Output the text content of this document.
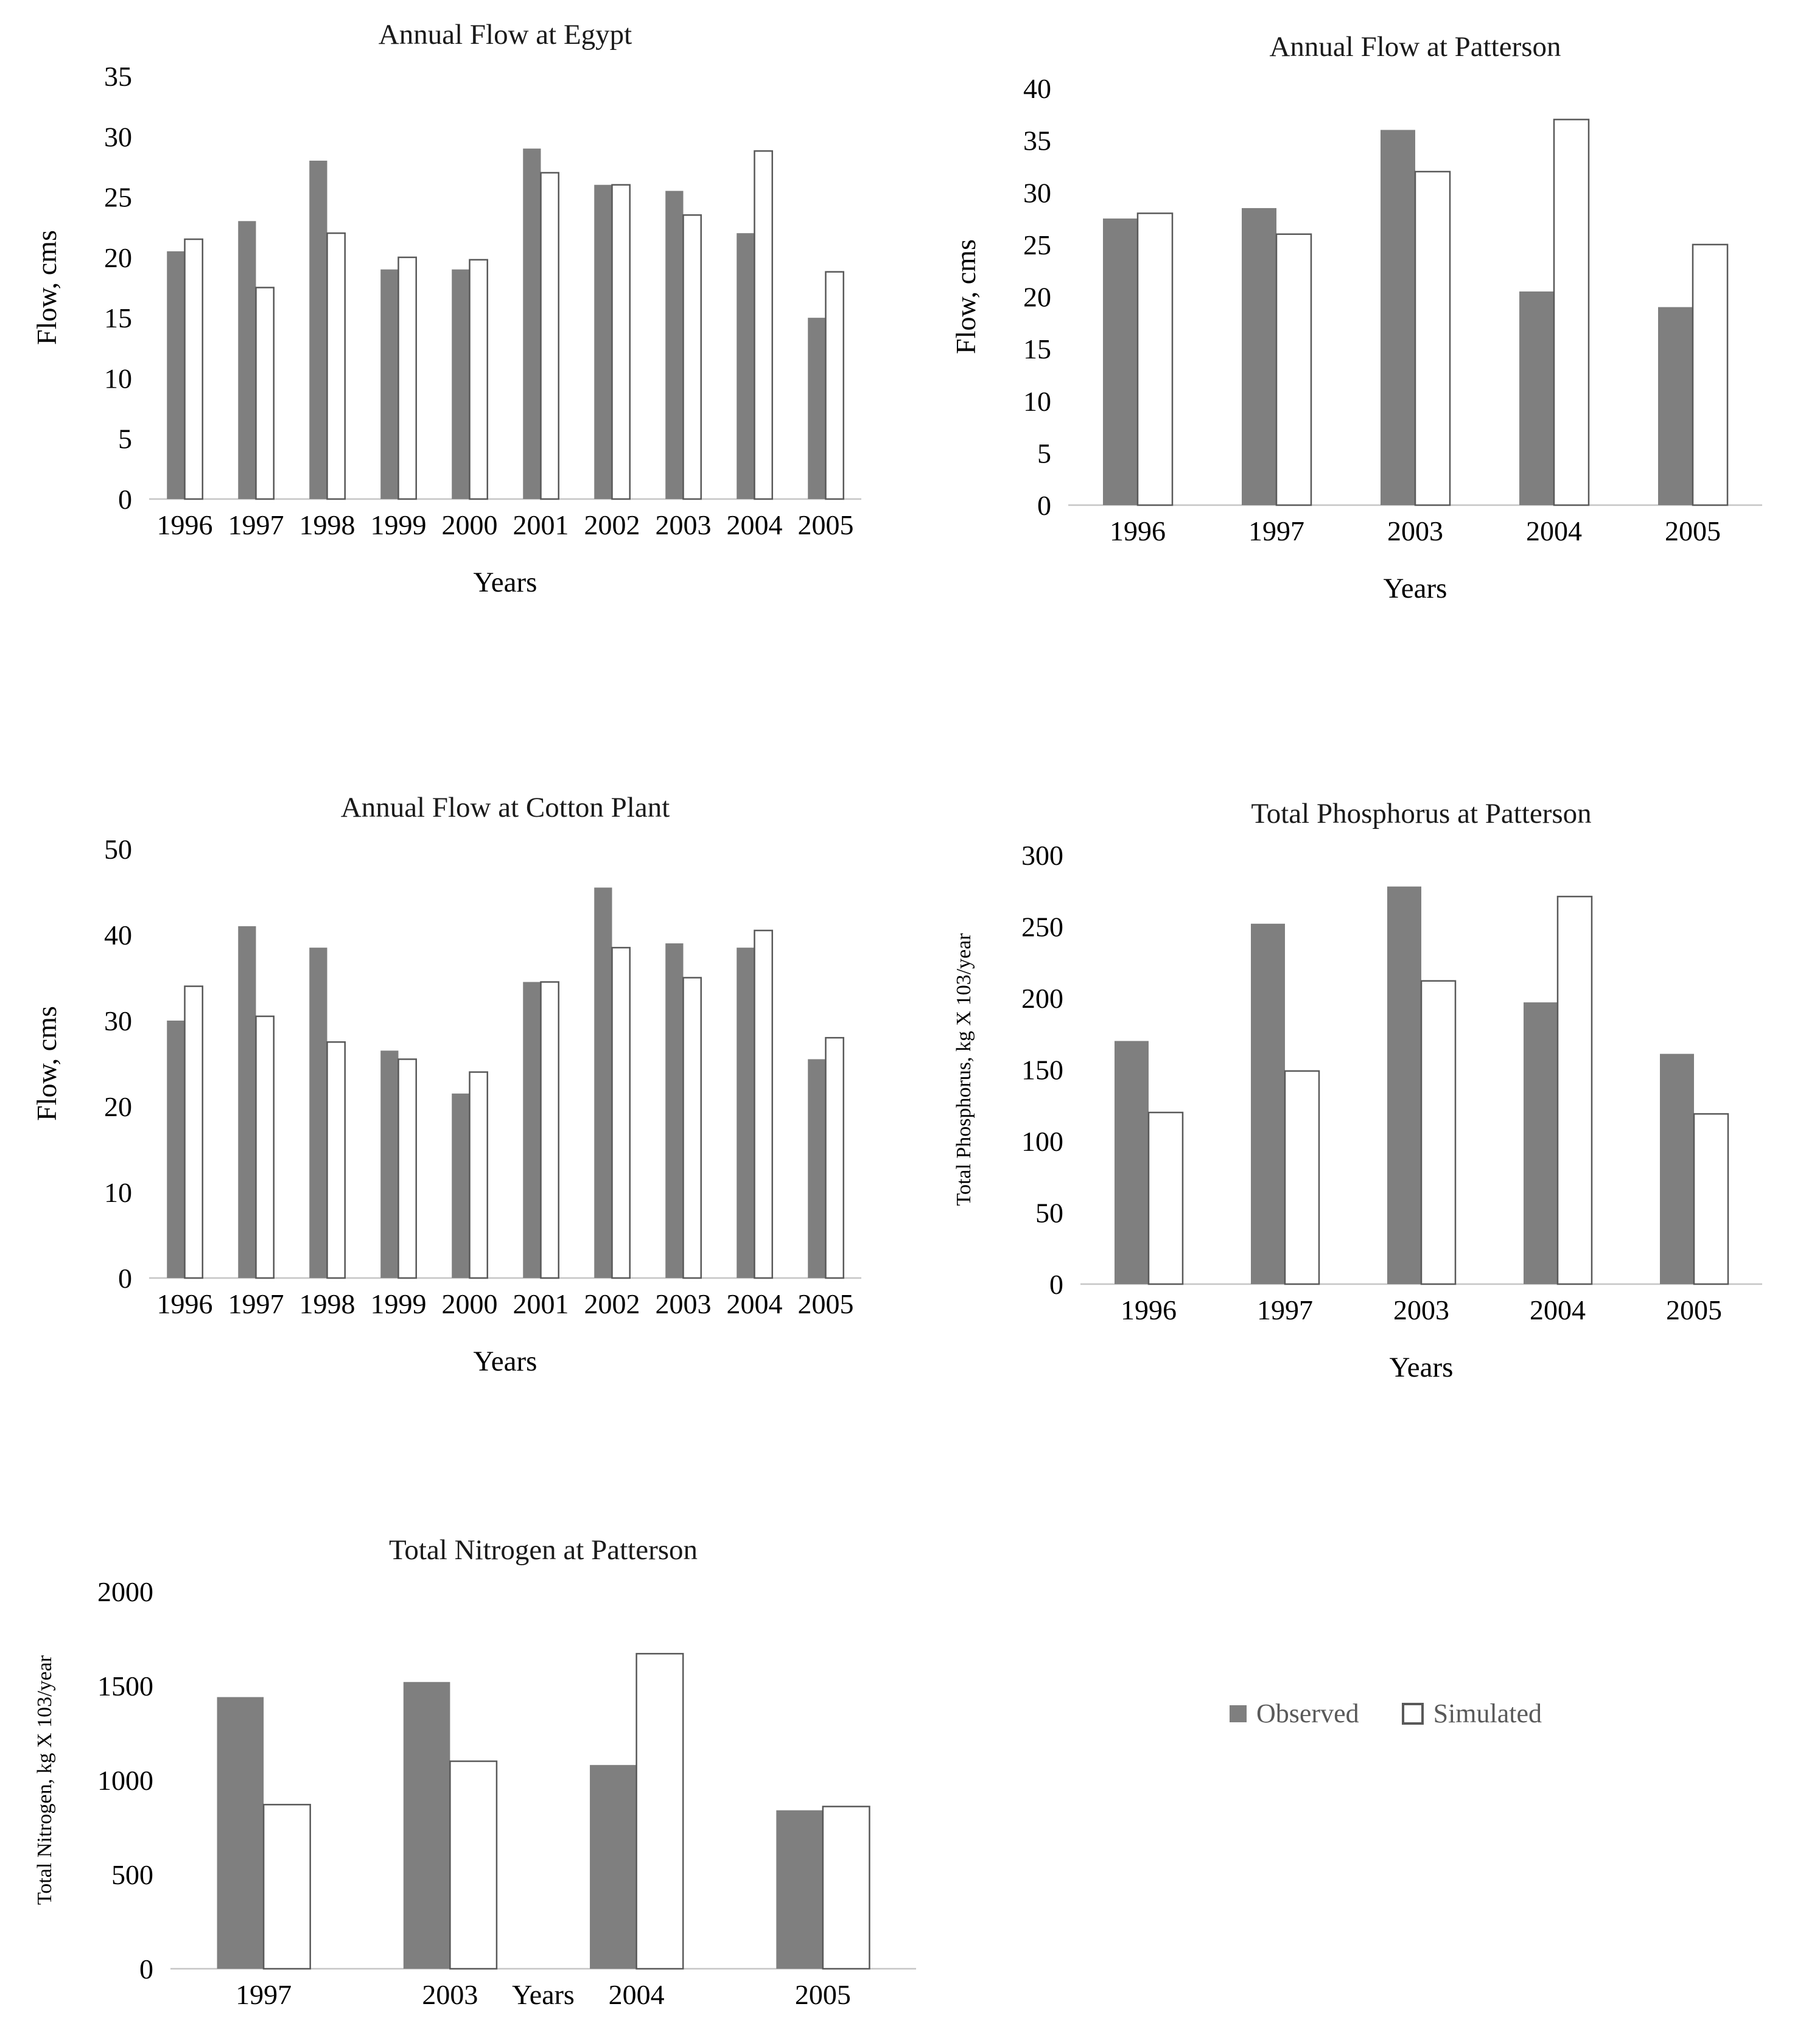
Annual Flow at Egypt
0
5
10
15
20
25
30
35
Flow, cms
1996 1997 1998 1999 2000 2001 2002 2003 2004 2005
Years
Annual Flow at Patterson
0
5
10
15
20
25
30
35
40
Flow, cms
1996	1997	2003	2004	2005
Years
Annual Flow at Cotton Plant
0
10
20
30
40
50
Flow, cms
1996 1997 1998 1999 2000 2001 2002 2003 2004 2005
Years
Total Phosphorus at Patterson
0
50
100
150
200
250
300
Total Phosphorus, kg X 103/year
1996	1997	2003	2004	2005
Years
Total Nitrogen at Patterson
0
500
1000
1500
2000
Total Nitrogen, kg X 103/year
1997	2003	2004	2005
Years
Observed	Simulated
